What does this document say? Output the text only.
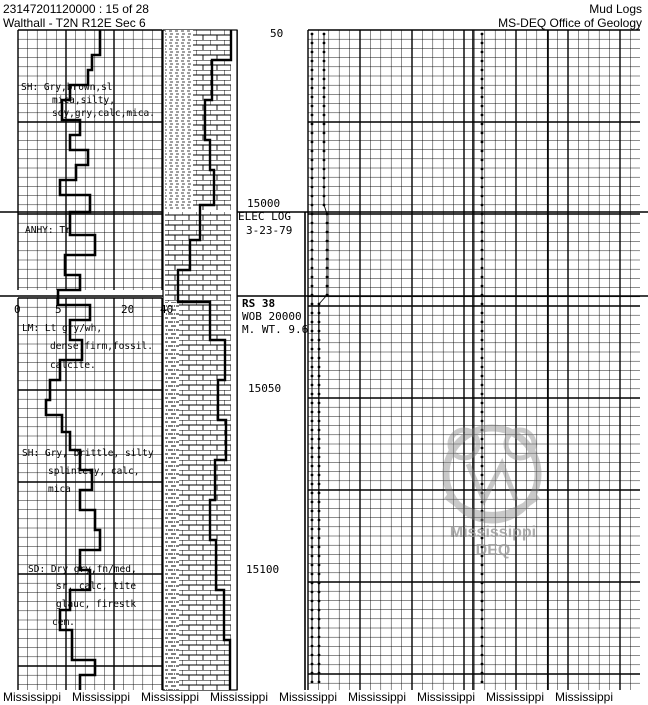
50
15000
15050
15100
0	5	20 40
ELEC LOG
3-23-79
RS 38
WOB 20000
M. WT. 9.6
SH: Gry,brown,sl
mica,silty,
sdy,gry,calc,mica.
ANHY: Tr
LM: Lt gry/wh,
dense,firm,fossil.
calcite.
SH: Gry, brittle, silty
splintery, calc,
mica
SD: Dry gry,fn/med,
sr, calc, tite
glauc, firestk
cem.
Mississippi
DEQ
23147201120000 : 15 of 28
Walthall - T2N R12E Sec 6
Mud Logs
MS-DEQ Office of Geology
Mississippi Mississippi Mississippi Mississippi Mississippi Mississippi Mississippi Mississippi Mississippi
